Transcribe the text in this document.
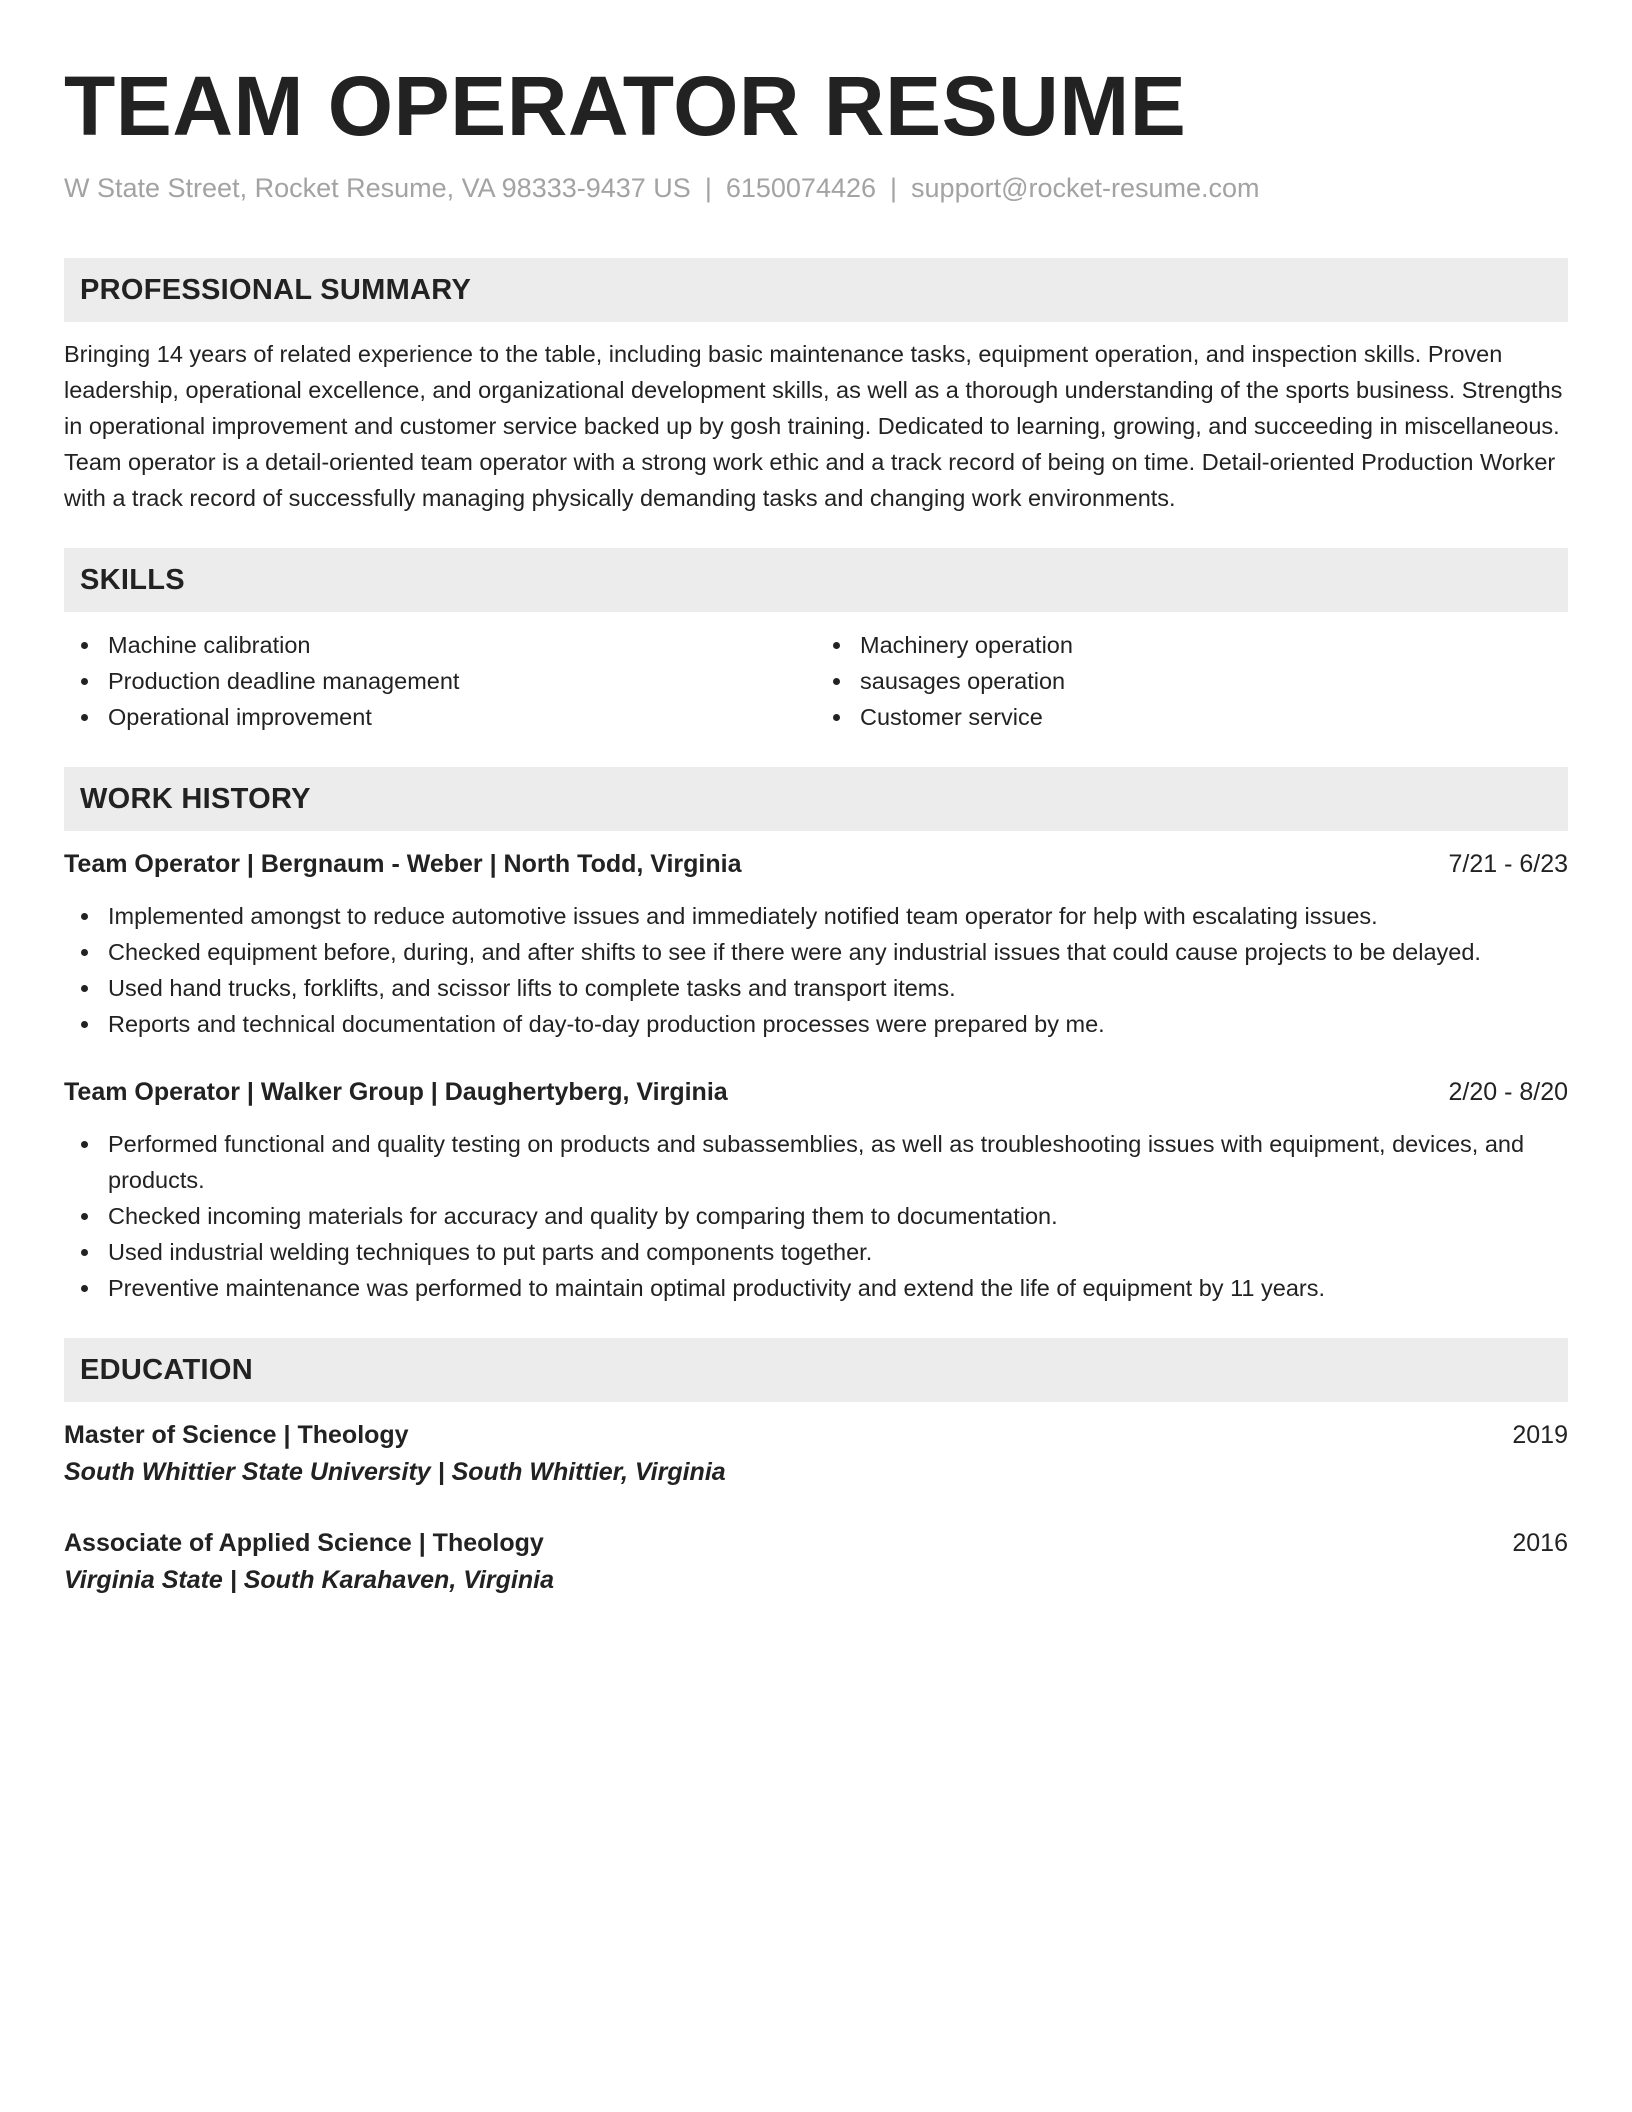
TEAM OPERATOR RESUME
W State Street, Rocket Resume, VA 98333-9437 US | 6150074426 | support@rocket-resume.com
PROFESSIONAL SUMMARY
Bringing 14 years of related experience to the table, including basic maintenance tasks, equipment operation, and inspection skills. Proven leadership, operational excellence, and organizational development skills, as well as a thorough understanding of the sports business. Strengths in operational improvement and customer service backed up by gosh training. Dedicated to learning, growing, and succeeding in miscellaneous. Team operator is a detail-oriented team operator with a strong work ethic and a track record of being on time. Detail-oriented Production Worker with a track record of successfully managing physically demanding tasks and changing work environments.
SKILLS
Machine calibration
Production deadline management
Operational improvement
Machinery operation
sausages operation
Customer service
WORK HISTORY
Team Operator | Bergnaum - Weber | North Todd, Virginia	7/21 - 6/23
Implemented amongst to reduce automotive issues and immediately notified team operator for help with escalating issues.
Checked equipment before, during, and after shifts to see if there were any industrial issues that could cause projects to be delayed.
Used hand trucks, forklifts, and scissor lifts to complete tasks and transport items.
Reports and technical documentation of day-to-day production processes were prepared by me.
Team Operator | Walker Group | Daughertyberg, Virginia	2/20 - 8/20
Performed functional and quality testing on products and subassemblies, as well as troubleshooting issues with equipment, devices, and products.
Checked incoming materials for accuracy and quality by comparing them to documentation.
Used industrial welding techniques to put parts and components together.
Preventive maintenance was performed to maintain optimal productivity and extend the life of equipment by 11 years.
EDUCATION
Master of Science | Theology	2019
South Whittier State University | South Whittier, Virginia
Associate of Applied Science | Theology	2016
Virginia State | South Karahaven, Virginia
